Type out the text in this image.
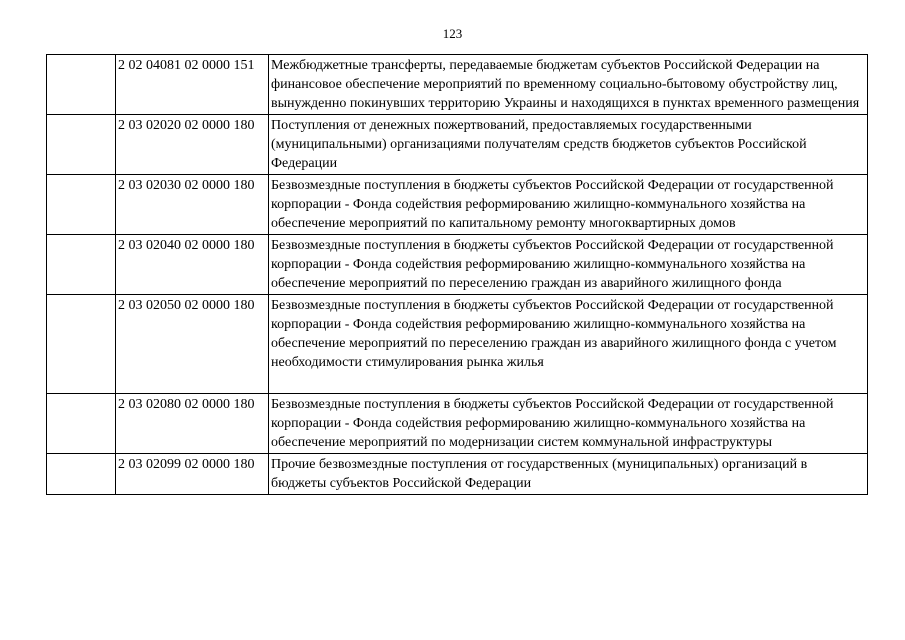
123
	2 02 04081 02 0000 151	Межбюджетные трансферты, передаваемые бюджетам субъектов Российской Федерации на финансовое обеспечение мероприятий по временному социально-бытовому обустройству лиц, вынужденно покинувших территорию Украины и находящихся в пунктах временного размещения
	2 03 02020 02 0000 180	Поступления от денежных пожертвований, предоставляемых государственными (муниципальными) организациями получателям средств бюджетов субъектов Российской Федерации
	2 03 02030 02 0000 180	Безвозмездные поступления в бюджеты субъектов Российской Федерации от государственной корпорации - Фонда содействия реформированию жилищно-коммунального хозяйства на обеспечение мероприятий по капитальному ремонту многоквартирных домов
	2 03 02040 02 0000 180	Безвозмездные поступления в бюджеты субъектов Российской Федерации от государственной корпорации - Фонда содействия реформированию жилищно-коммунального хозяйства на обеспечение мероприятий по переселению граждан из аварийного жилищного фонда
	2 03 02050 02 0000 180	Безвозмездные поступления в бюджеты субъектов Российской Федерации от государственной корпорации - Фонда содействия реформированию жилищно-коммунального хозяйства на обеспечение мероприятий по переселению граждан из аварийного жилищного фонда с учетом необходимости стимулирования рынка жилья
	2 03 02080 02 0000 180	Безвозмездные поступления в бюджеты субъектов Российской Федерации от государственной корпорации - Фонда содействия реформированию жилищно-коммунального хозяйства на обеспечение мероприятий по модернизации систем коммунальной инфраструктуры
	2 03 02099 02 0000 180	Прочие безвозмездные поступления от государственных (муниципальных) организаций в бюджеты субъектов Российской Федерации
